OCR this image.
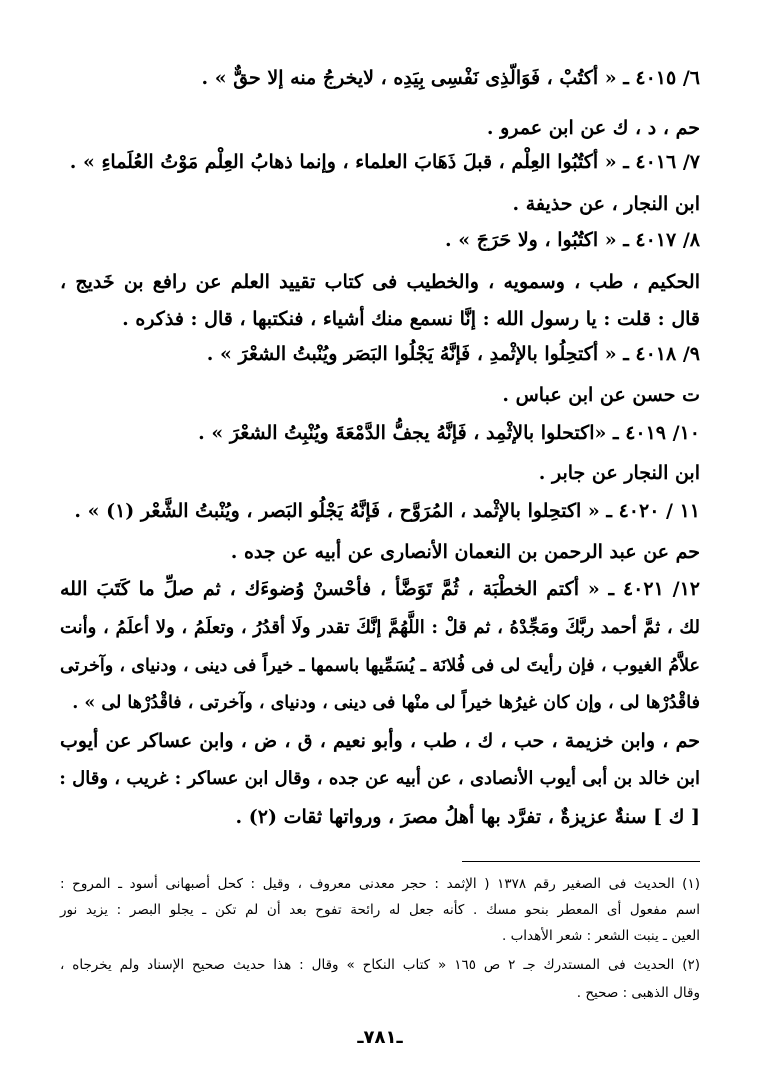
٦/ ٤٠١٥ ـ « أكتُبْ ، فَوَالّذِى نَفْسِى بِيَدِه ، لايخرجُ منه إلا حقٌّ » .
حم ، د ، ك عن ابن عمرو .
٧/ ٤٠١٦ ـ « أكتُبُوا العِلْم ، قبلَ ذَهَابَ العلماء ، وإنما ذهابُ العِلْم مَوْتُ العُلَماءِ » .
ابن النجار ، عن حذيفة .
٨/ ٤٠١٧ ـ « اكتُبُوا ، ولا حَرَجَ » .
الحكيم ، طب ، وسمويه ، والخطيب فى كتاب تقييد العلم عن رافع بن خَديج ،
قال : قلت : يا رسول الله : إنَّا نسمع منك أشياء ، فنكتبها ، قال : فذكره .
٩/ ٤٠١٨ ـ « أكتحِلُوا بالإثْمدِ ، فَإنَّهُ يَجْلُوا البَصَر ويُنْبتُ الشعْرَ » .
ت حسن عن ابن عباس .
١٠/ ٤٠١٩ ـ «اكتحلوا بالإثْمِد ، فَإنَّهُ يجفُّ الدَّمْعَةَ ويُنْبِتُ الشعْرَ » .
ابن النجار عن جابر .
١١ / ٤٠٢٠ ـ « اكتحِلوا بالإثْمد ، المُرَوَّح ، فَإنَّهُ يَجْلُو البَصر ، ويُنْبتُ الشَّعْر (١) » .
حم عن عبد الرحمن بن النعمان الأنصارى عن أبيه عن جده .
١٢/ ٤٠٢١ ـ « أكتم الخطْبَة ، ثُمَّ تَوَضَّأ ، فأحْسنْ وُضوءَك ، ثم صلِّ ما كَتَبَ الله
لك ، ثمَّ أحمد ربَّكَ ومَجِّدْهُ ، ثم قلْ : اللَّهُمَّ إنَّكَ تقدر ولَا أقدُرُ ، وتعلَمُ ، ولا أعلَمُ ، وأنت
علاَّمُ الغيوب ، فإن رأيتَ لى فى فُلانَة ـ يُسَمِّيها باسمها ـ خيراً فى دينى ، ودنياى ، وآخرتى
فاقْدُرْها لى ، وإن كان غيرُها خيراً لى منْها فى دينى ، ودنياى ، وآخرتى ، فاقْدُرْها لى » .
حم ، وابن خزيمة ، حب ، ك ، طب ، وأبو نعيم ، ق ، ض ، وابن عساكر عن أيوب
ابن خالد بن أبى أيوب الأنصادى ، عن أبيه عن جده ، وقال ابن عساكر : غريب ، وقال :
[ ك ] سنةٌ عزيزةٌ ، تفرَّد بها أهلُ مصرَ ، ورواتها ثقات (٢) .
(١) الحديث فى الصغير رقم ١٣٧٨ ( الإثمد : حجر معدنى معروف ، وقيل : كحل أصبهانى أسود ـ المروح :
اسم مفعول أى المعطر بنحو مسك . كأنه جعل له رائحة تفوح بعد أن لم تكن ـ يجلو البصر : يزيد نور
العين ـ ينبت الشعر : شعر الأهداب .
(٢) الحديث فى المستدرك جـ ٢ ص ١٦٥ « كتاب النكاح » وقال : هذا حديث صحيح الإسناد ولم يخرجاه ،
وقال الذهبى : صحيح .
ـ٧٨١ـ
